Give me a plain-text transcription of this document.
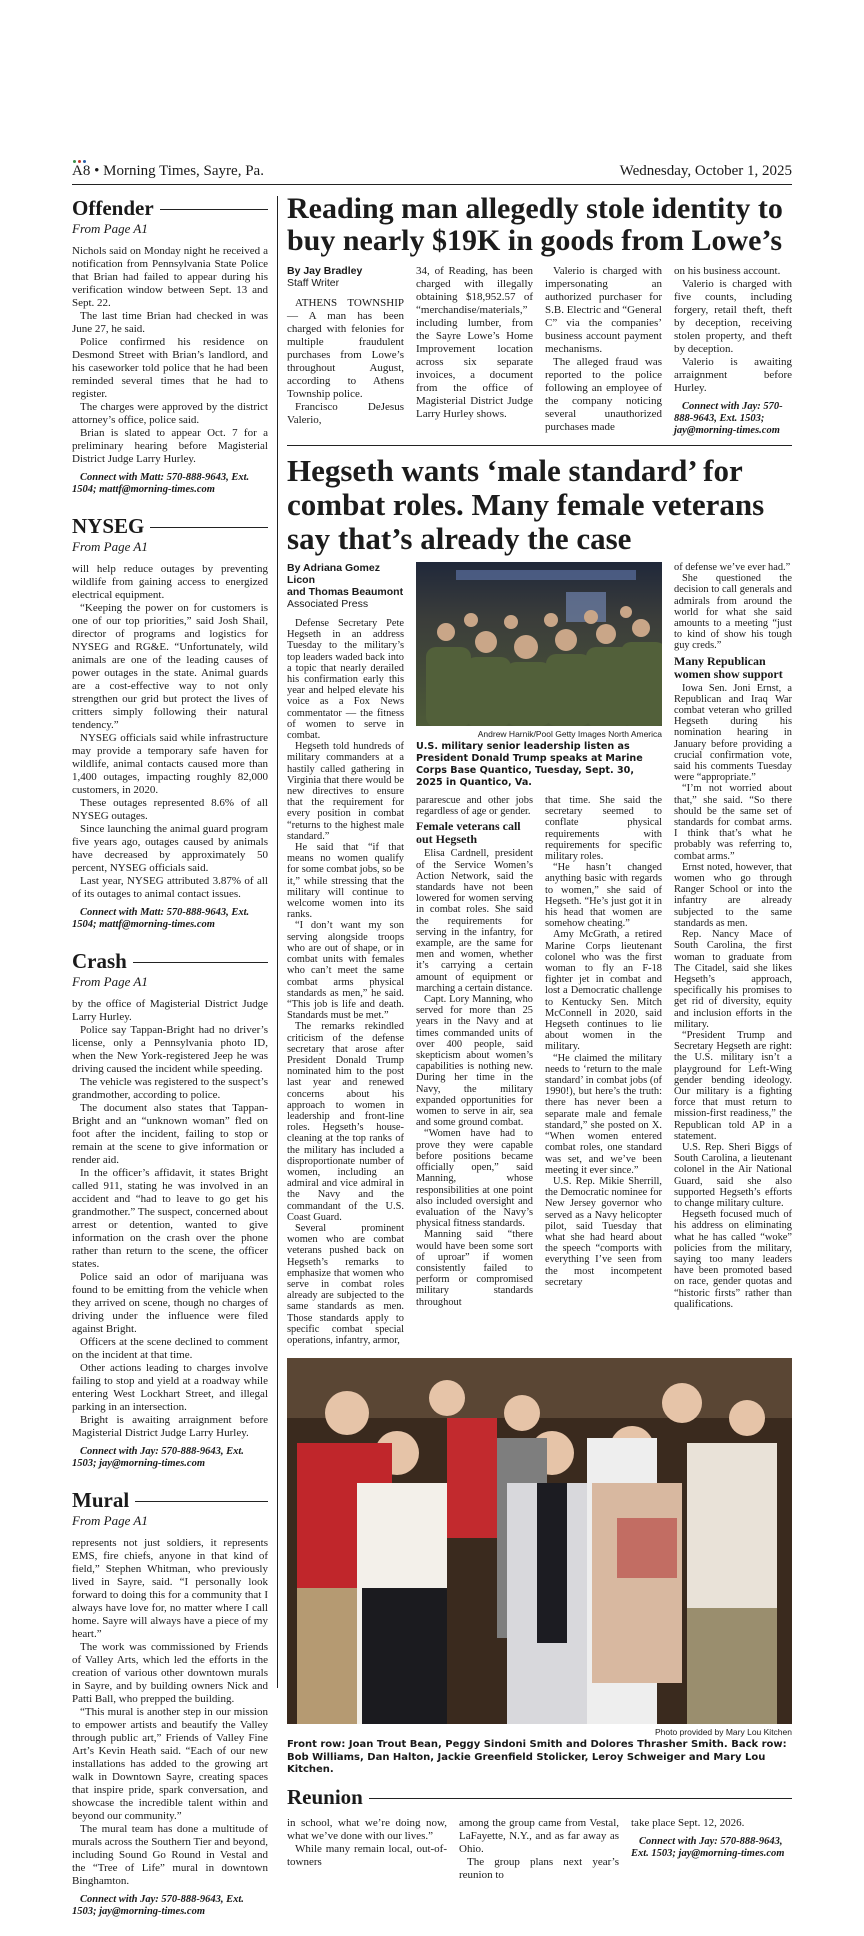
A8 • Morning Times, Sayre, Pa.	Wednesday, October 1, 2025
Offender
From Page A1

Nichols said on Monday night he received a notification from Pennsylvania State Police that Brian had failed to appear during his verification window between Sept. 13 and Sept. 22.

The last time Brian had checked in was June 27, he said.

Police confirmed his residence on Desmond Street with Brian’s landlord, and his caseworker told police that he had been reminded several times that he had to register.

The charges were approved by the district attorney’s office, police said.

Brian is slated to appear Oct. 7 for a preliminary hearing before Magisterial District Judge Larry Hurley.

Connect with Matt: 570-888-9643, Ext. 1504; mattf@morning-times.com

NYSEG
From Page A1

will help reduce outages by preventing wildlife from gaining access to energized electrical equipment.

“Keeping the power on for customers is one of our top priorities,” said Josh Shail, director of programs and logistics for NYSEG and RG&E. “Unfortunately, wild animals are one of the leading causes of power outages in the state. Animal guards are a cost-effective way to not only strengthen our grid but protect the lives of critters simply following their natural tendency.”

NYSEG officials said while infrastructure may provide a temporary safe haven for wildlife, animal contacts caused more than 1,400 outages, impacting roughly 82,000 customers, in 2020.

These outages represented 8.6% of all NYSEG outages.

Since launching the animal guard program five years ago, outages caused by animals have decreased by approximately 50 percent, NYSEG officials said.

Last year, NYSEG attributed 3.87% of all of its outages to animal contact issues.

Connect with Matt: 570-888-9643, Ext. 1504; mattf@morning-times.com

Crash
From Page A1

by the office of Magisterial District Judge Larry Hurley.

Police say Tappan-Bright had no driver’s license, only a Pennsylvania photo ID, when the New York-registered Jeep he was driving caused the incident while speeding.

The vehicle was registered to the suspect’s grandmother, according to police.

The document also states that Tappan-Bright and an “unknown woman” fled on foot after the incident, failing to stop or remain at the scene to give information or render aid.

In the officer’s affidavit, it states Bright called 911, stating he was involved in an accident and “had to leave to go get his grandmother.” The suspect, concerned about arrest or detention, wanted to give information on the crash over the phone rather than return to the scene, the officer states.

Police said an odor of marijuana was found to be emitting from the vehicle when they arrived on scene, though no charges of driving under the influence were filed against Bright.

Officers at the scene declined to comment on the incident at that time.

Other actions leading to charges involve failing to stop and yield at a roadway while entering West Lockhart Street, and illegal parking in an intersection.

Bright is awaiting arraignment before Magisterial District Judge Larry Hurley.

Connect with Jay: 570-888-9643, Ext. 1503; jay@morning-times.com

Mural
From Page A1

represents not just soldiers, it represents EMS, fire chiefs, anyone in that kind of field,” Stephen Whitman, who previously lived in Sayre, said. “I personally look forward to doing this for a community that I always have love for, no matter where I call home. Sayre will always have a piece of my heart.”

The work was commissioned by Friends of Valley Arts, which led the efforts in the creation of various other downtown murals in Sayre, and by building owners Nick and Patti Ball, who prepped the building.

“This mural is another step in our mission to empower artists and beautify the Valley through public art,” Friends of Valley Fine Art’s Kevin Heath said. “Each of our new installations has added to the growing art walk in Downtown Sayre, creating spaces that inspire pride, spark conversation, and showcase the incredible talent within and beyond our community.”

The mural team has done a multitude of murals across the Southern Tier and beyond, including Sound Go Round in Vestal and the “Tree of Life” mural in downtown Binghamton.

Connect with Jay: 570-888-9643, Ext. 1503; jay@morning-times.com

Reading man allegedly stole identity to buy nearly $19K in goods from Lowe’s
By Jay Bradley
Staff Writer

ATHENS TOWNSHIP — A man has been charged with felonies for multiple fraudulent purchases from Lowe’s throughout August, according to Athens Township police.

Francisco DeJesus Valerio,

34, of Reading, has been charged with illegally obtaining $18,952.57 of “merchandise/materials,” including lumber, from the Sayre Lowe’s Home Improvement location across six separate invoices, a document from the office of Magisterial District Judge Larry Hurley shows.

Valerio is charged with impersonating an authorized purchaser for S.B. Electric and “General C” via the companies’ business account payment mechanisms.

The alleged fraud was reported to the police following an employee of the company noticing several unauthorized purchases made

on his business account.

Valerio is charged with five counts, including forgery, retail theft, theft by deception, receiving stolen property, and theft by deception.

Valerio is awaiting arraignment before Hurley.

Connect with Jay: 570-888-9643, Ext. 1503; jay@morning-times.com

Hegseth wants ‘male standard’ for combat roles. Many female veterans say that’s already the case
By Adriana Gomez Licon
and Thomas Beaumont
Associated Press

Defense Secretary Pete Hegseth in an address Tuesday to the military’s top leaders waded back into a topic that nearly derailed his confirmation early this year and helped elevate his voice as a Fox News commentator — the fitness of women to serve in combat.

Hegseth told hundreds of military commanders at a hastily called gathering in Virginia that there would be new directives to ensure that the requirement for every position in combat “returns to the highest male standard.”

He said that “if that means no women qualify for some combat jobs, so be it,” while stressing that the military will continue to welcome women into its ranks.

“I don’t want my son serving alongside troops who are out of shape, or in combat units with females who can’t meet the same combat arms physical standards as men,” he said. “This job is life and death. Standards must be met.”

The remarks rekindled criticism of the defense secretary that arose after President Donald Trump nominated him to the post last year and renewed concerns about his approach to women in leadership and front-line roles. Hegseth’s house-cleaning at the top ranks of the military has included a disproportionate number of women, including an admiral and vice admiral in the Navy and the commandant of the U.S. Coast Guard.

Several prominent women who are combat veterans pushed back on Hegseth’s remarks to emphasize that women who serve in combat roles already are subjected to the same standards as men. Those standards apply to specific combat special operations, infantry, armor,

Andrew Harnik/Pool Getty Images North America
U.S. military senior leadership listen as President Donald Trump speaks at Marine Corps Base Quantico, Tuesday, Sept. 30, 2025 in Quantico, Va.

pararescue and other jobs regardless of age or gender.

Female veterans call out Hegseth

Elisa Cardnell, president of the Service Women’s Action Network, said the standards have not been lowered for women serving in combat roles. She said the requirements for serving in the infantry, for example, are the same for men and women, whether it’s carrying a certain amount of equipment or marching a certain distance.

Capt. Lory Manning, who served for more than 25 years in the Navy and at times commanded units of over 400 people, said skepticism about women’s capabilities is nothing new. During her time in the Navy, the military expanded opportunities for women to serve in air, sea and some ground combat.

“Women have had to prove they were capable before positions became officially open,” said Manning, whose responsibilities at one point also included oversight and evaluation of the Navy’s physical fitness standards.

Manning said “there would have been some sort of uproar” if women consistently failed to perform or compromised military standards throughout

that time. She said the secretary seemed to conflate physical requirements with requirements for specific military roles.

“He hasn’t changed anything basic with regards to women,” she said of Hegseth. “He’s just got it in his head that women are somehow cheating.”

Amy McGrath, a retired Marine Corps lieutenant colonel who was the first woman to fly an F-18 fighter jet in combat and lost a Democratic challenge to Kentucky Sen. Mitch McConnell in 2020, said Hegseth continues to lie about women in the military.

“He claimed the military needs to ‘return to the male standard’ in combat jobs (of 1990!), but here’s the truth: there has never been a separate male and female standard,” she posted on X. “When women entered combat roles, one standard was set, and we’ve been meeting it ever since.”

U.S. Rep. Mikie Sherrill, the Democratic nominee for New Jersey governor who served as a Navy helicopter pilot, said Tuesday that what she had heard about the speech “comports with everything I’ve seen from the most incompetent secretary

of defense we’ve ever had.”

She questioned the decision to call generals and admirals from around the world for what she said amounts to a meeting “just to kind of show his tough guy creds.”

Many Republican women show support

Iowa Sen. Joni Ernst, a Republican and Iraq War combat veteran who grilled Hegseth during his nomination hearing in January before providing a crucial confirmation vote, said his comments Tuesday were “appropriate.”

“I’m not worried about that,” she said. “So there should be the same set of standards for combat arms. I think that’s what he probably was referring to, combat arms.”

Ernst noted, however, that women who go through Ranger School or into the infantry are already subjected to the same standards as men.

Rep. Nancy Mace of South Carolina, the first woman to graduate from The Citadel, said she likes Hegseth’s approach, specifically his promises to get rid of diversity, equity and inclusion efforts in the military.

“President Trump and Secretary Hegseth are right: the U.S. military isn’t a playground for Left-Wing gender bending ideology. Our military is a fighting force that must return to mission-first readiness,” the Republican told AP in a statement.

U.S. Rep. Sheri Biggs of South Carolina, a lieutenant colonel in the Air National Guard, said she also supported Hegseth’s efforts to change military culture.

Hegseth focused much of his address on eliminating what he has called “woke” policies from the military, saying too many leaders have been promoted based on race, gender quotas and “historic firsts” rather than qualifications.

Photo provided by Mary Lou Kitchen
Front row: Joan Trout Bean, Peggy Sindoni Smith and Dolores Thrasher Smith. Back row: Bob Williams, Dan Halton, Jackie Greenfield Stolicker, Leroy Schweiger and Mary Lou Kitchen.
Reunion

in school, what we’re doing now, what we’ve done with our lives.”

While many remain local, out-of-towners

among the group came from Vestal, LaFayette, N.Y., and as far away as Ohio.

The group plans next year’s reunion to

take place Sept. 12, 2026.

Connect with Jay: 570-888-9643, Ext. 1503; jay@morning-times.com
